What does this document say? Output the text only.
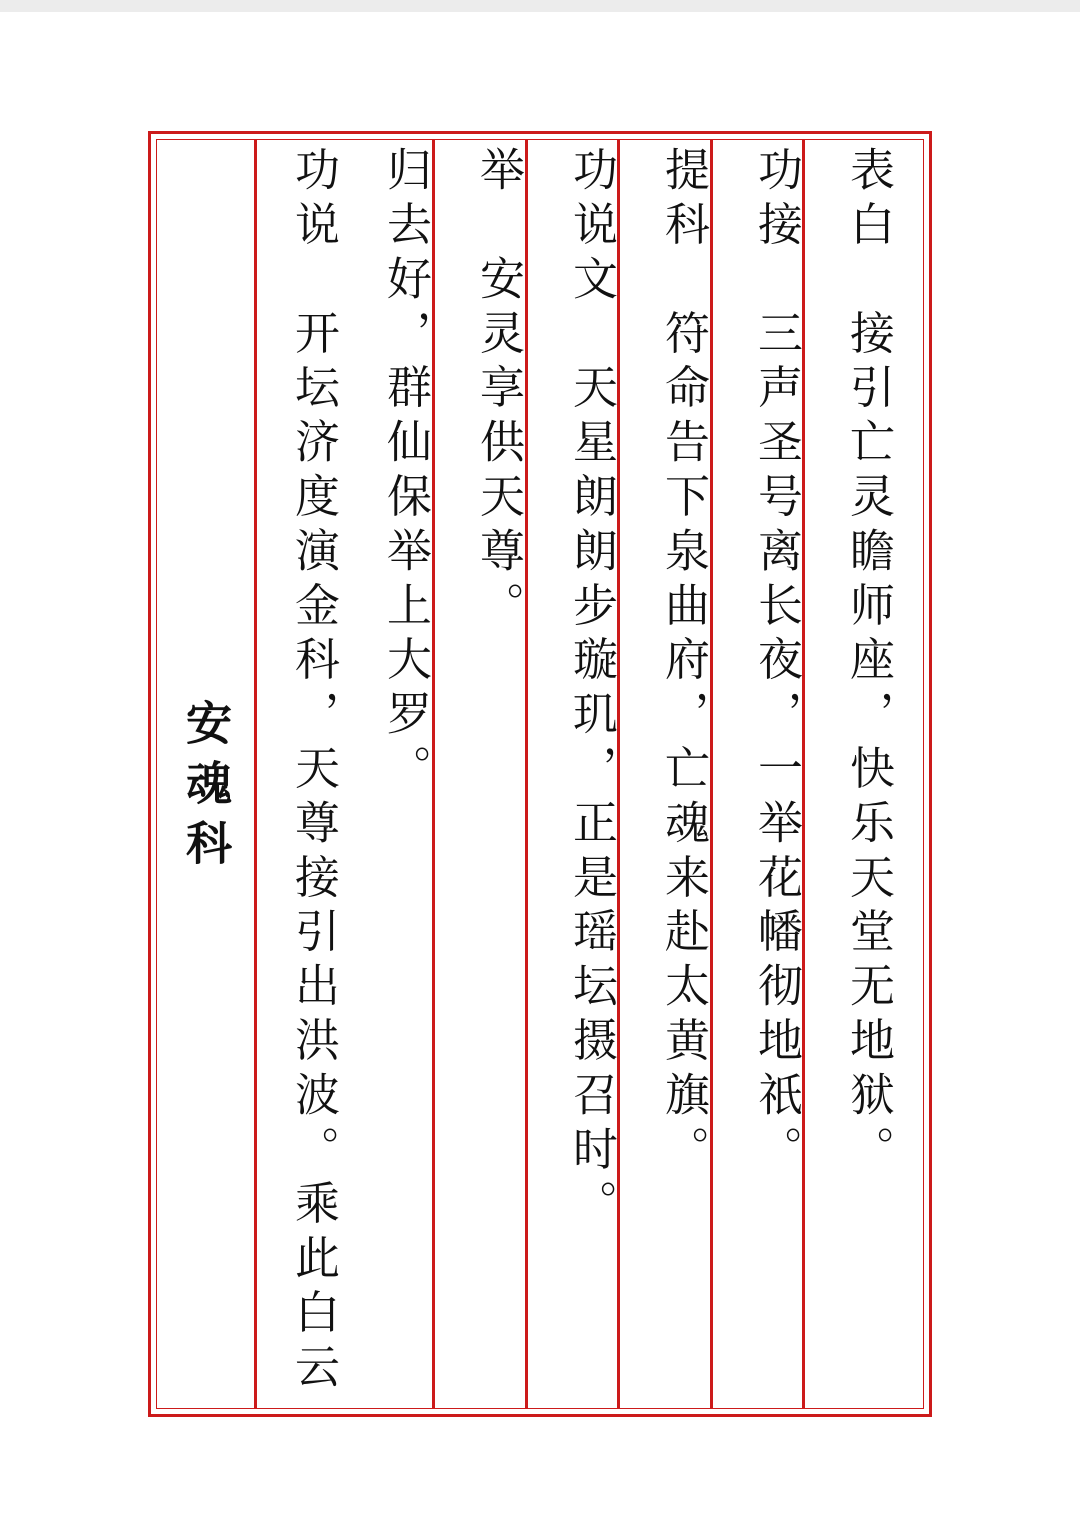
安魂科	表白　接引亡灵瞻师座，快乐天堂无地狱。
功接　三声圣号离长夜，一举花幡彻地祇。
提科　符命告下泉曲府，亡魂来赴太黄旗。
功说文　天星朗朗步璇玑，正是瑶坛摄召时。
举　安灵享供天尊。
归去好，群仙保举上大罗。
功说　开坛济度演金科，天尊接引出洪波。乘此白云
